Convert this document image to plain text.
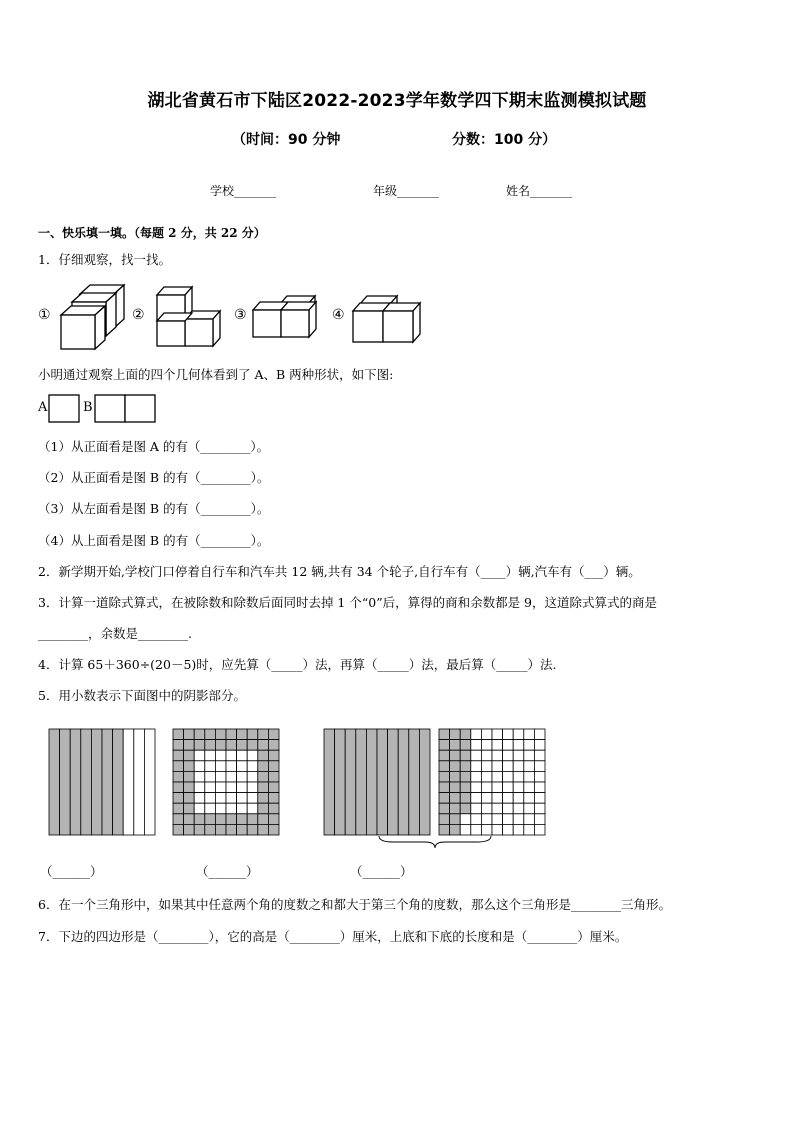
湖北省黄石市下陆区2022-2023学年数学四下期末监测模拟试题
（时间：90 分钟	分数：100 分）
学校_______	年级_______	姓名_______
一、快乐填一填。（每题 2 分，共 22 分）
1．仔细观察，找一找。
①	②	③	④
小明通过观察上面的四个几何体看到了 A、B 两种形状，如下图:
A	B
（1）从正面看是图 A 的有（________）。
（2）从正面看是图 B 的有（________）。
（3）从左面看是图 B 的有（________）。
（4）从上面看是图 B 的有（________）。
2．新学期开始,学校门口停着自行车和汽车共 12 辆,共有 34 个轮子,自行车有（____）辆,汽车有（___）辆。
3．计算一道除式算式，在被除数和除数后面同时去掉 1 个“0”后，算得的商和余数都是 9，这道除式算式的商是
________，余数是________.
4．计算 65＋360÷(20－5)时，应先算（_____）法，再算（_____）法，最后算（_____）法.
5．用小数表示下面图中的阴影部分。
（______）	（______）	（______）
6．在一个三角形中，如果其中任意两个角的度数之和都大于第三个角的度数，那么这个三角形是________三角形。
7．下边的四边形是（________），它的高是（________）厘米，上底和下底的长度和是（________）厘米。
